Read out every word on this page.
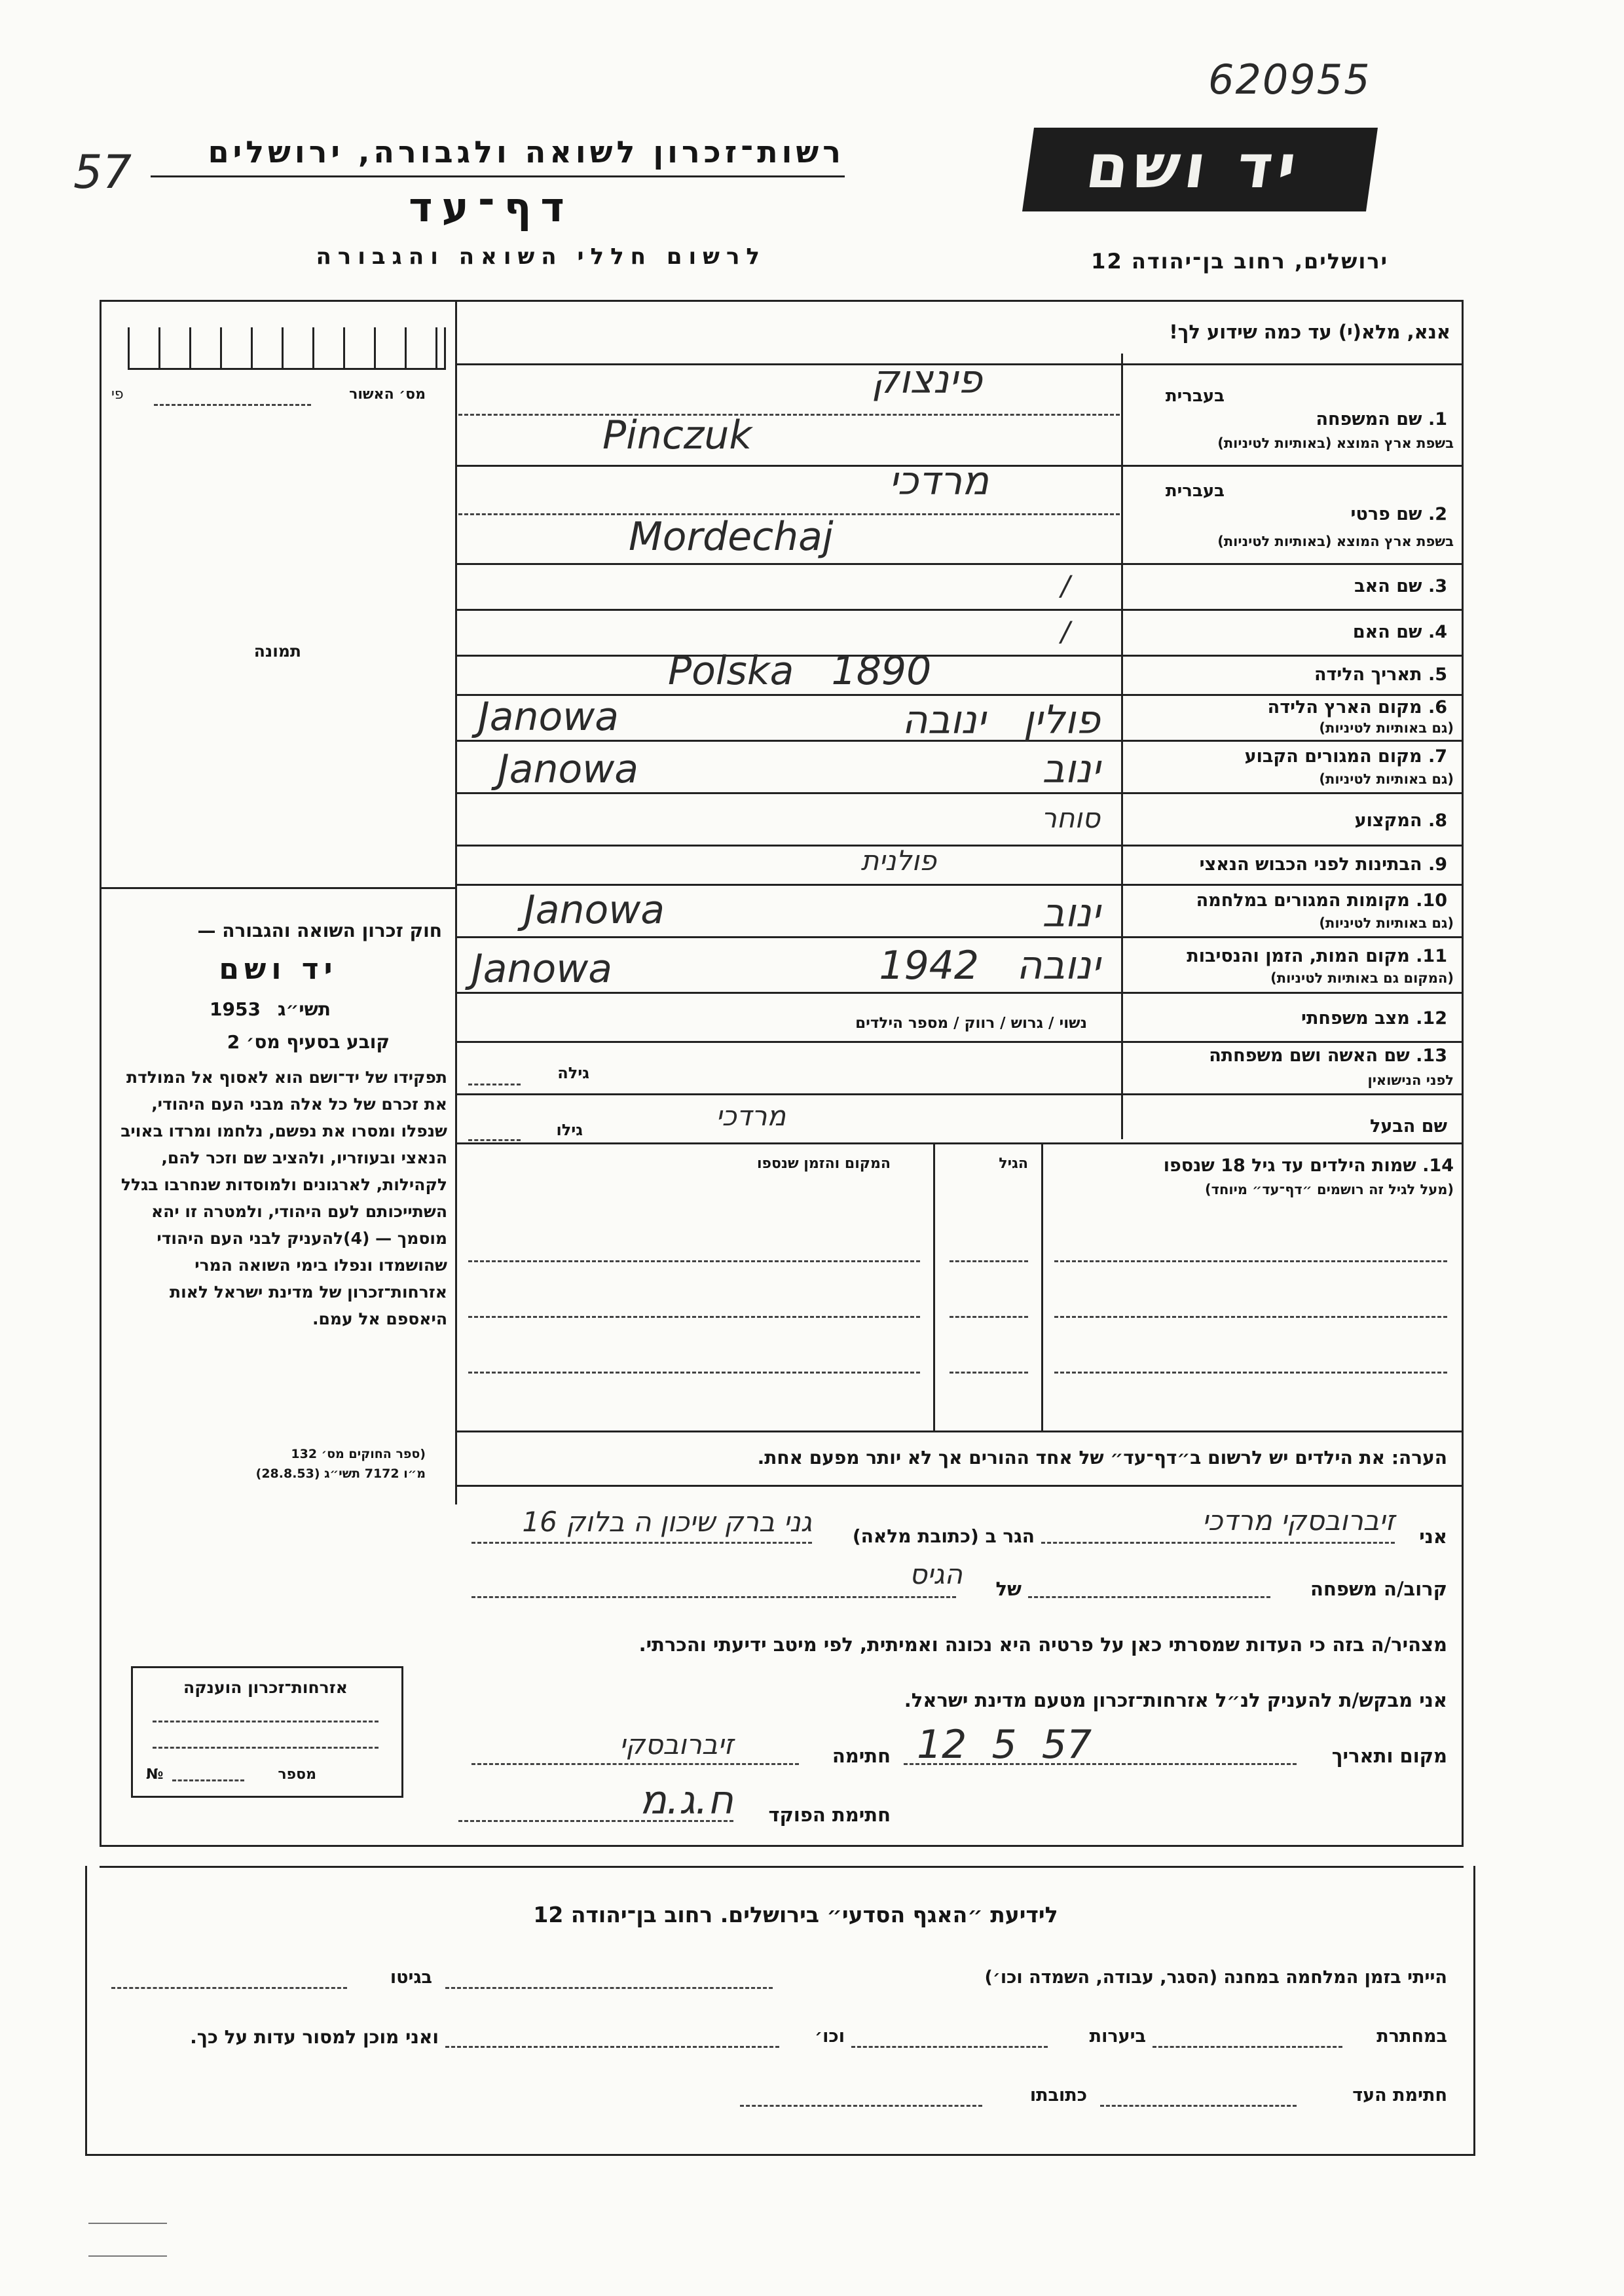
620955
57	רשות־זכרון לשואה ולגבורה, ירושלים
דף־עד
לרשום חללי השואה והגבורה
יד ושם
ירושלים, רחוב בן־יהודה 12
אנא, מלא(י) עד כמה שידוע לך!
מס׳ האשור
פי
תמונה
חוק זכרון השואה והגבורה —
יד ושם
תשי״ג
1953
קובע בסעיף מס׳ 2
תפקידו של יד־ושם הוא לאסוף אל המולדת את זכרם של כל אלה מבני העם היהודי, שנפלו ומסרו את נפשם, נלחמו ומרדו באויב הנאצי ובעוזריו, ולהציב שם וזכר להם, לקהילות, לארגונים ולמוסדות שנחרבו בגלל השתייכותם לעם היהודי, ולמטרה זו יהא מוסמך — (4)להעניק לבני העם היהודי שהושמדו ונפלו בימי השואה המרי אזרחות־זכרון של מדינת ישראל לאות היאספם אל עמם.
(ספר החוקים מס׳ 132
מ״ו 7172 תשי״ג (28.8.53)
בעברית
1. שם המשפחה
בשפת ארץ המוצא (באותיות לטיניות)
פינצוק
Pinczuk
בעברית
2. שם פרטי
בשפת ארץ המוצא (באותיות לטיניות)
מרדכי
Mordechaj
3. שם האב
/
4. שם האם
/
5. תאריך הלידה
Polska   1890
6. מקום הארץ הלידה
(גם באותיות לטיניות)
Janowa	פולין   ינובה
7. מקום המגורים הקבוע
(גם באותיות לטיניות)
Janowa	ינוב
8. המקצוע
סוחר
9. הבתינות לפני הכבוש הנאצי
פולנית
10. מקומות המגורים במלחמה
(גם באותיות לטיניות)
Janowa	ינוב
11. מקום המות, הזמן והנסיבות
(המקום גם באותיות לטיניות)
Janowa	ינובה   1942
12. מצב משפחתי
נשוי / גרוש / רווק / מספר הילדים
13. שם האשה ושם משפחתה
לפני הנישואין
גילה
שם הבעל
גילו	מרדכי
14. שמות הילדים עד גיל 18 שנספו
(מעל לגיל זה רושמים ״דף־עד״ מיוחד)
הגיל
המקום והזמן שנספו
הערה: את הילדים יש לרשום ב״דף־עד״ של אחד ההורים אך לא יותר מפעם אחת.
אני
זיברובסקי מרדכי
הגר ב (כתובת מלאה)
גני ברק שיכון ה בלוק 16
קרוב/ה משפחה
של
הגיס
מצהיר/ה בזה כי העדות שמסרתי כאן על פרטיה היא נכונה ואמיתית, לפי מיטב ידיעתי והכרתי.
אני מבקש/ת להעניק לנ״ל אזרחות־זכרון מטעם מדינת ישראל.
מקום ותאריך
12  5  57
חתימה
זיברובסקי
חתימת הפוקד
ח.ג.מ
אזרחות־זכרון הוענקה
מספר
№
לידיעת ״האגף הסדעי״ בירושלים. רחוב בן־יהודה 12
הייתי בזמן המלחמה במחנה (הסגר, עבודה, השמדה וכו׳)
בגיטו
במחתרת
ביערות
וכו׳
ואני מוכן למסור עדות על כך.
חתימת העד
כתובתו
